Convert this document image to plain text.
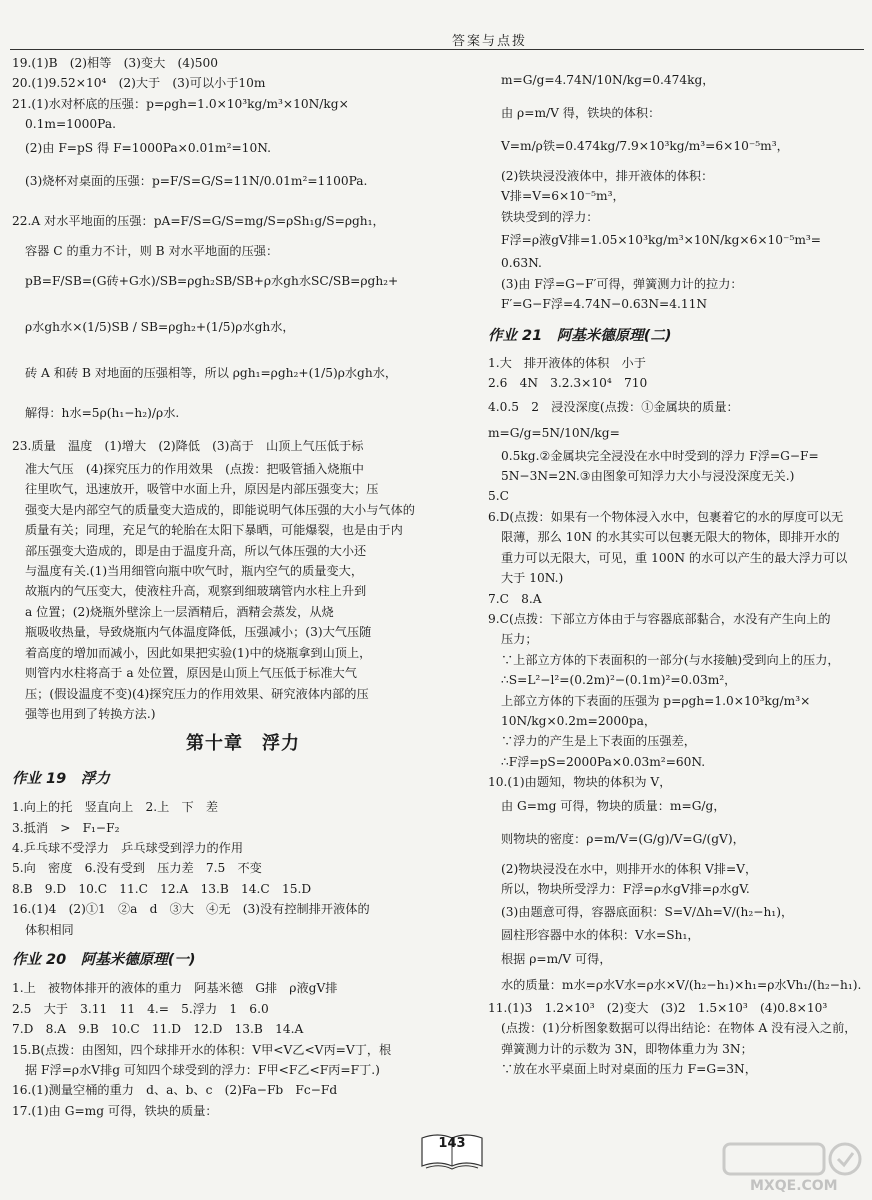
答案与点拨

19.(1)B　(2)相等　(3)变大　(4)500

20.(1)9.52×10⁴　(2)大于　(3)可以小于10m

21.(1)水对杯底的压强：p=ρgh=1.0×10³kg/m³×10N/kg×

0.1m=1000Pa.

(2)由 F=pS 得 F=1000Pa×0.01m²=10N.

(3)烧杯对桌面的压强：p=F/S=G/S=11N/0.01m²=1100Pa.

22.A 对水平地面的压强：pA=F/S=G/S=mg/S=ρSh₁g/S=ρgh₁，

容器 C 的重力不计，则 B 对水平地面的压强：

pB=F/SB=(G砖+G水)/SB=ρgh₂SB/SB+ρ水gh水SC/SB=ρgh₂+

ρ水gh水×(1/5)SB / SB=ρgh₂+(1/5)ρ水gh水，

砖 A 和砖 B 对地面的压强相等，所以 ρgh₁=ρgh₂+(1/5)ρ水gh水，

解得：h水=5ρ(h₁−h₂)/ρ水.

23.质量　温度　(1)增大　(2)降低　(3)高于　山顶上气压低于标

准大气压　(4)探究压力的作用效果　(点拨：把吸管插入烧瓶中

往里吹气，迅速放开，吸管中水面上升，原因是内部压强变大；压

强变大是内部空气的质量变大造成的，即能说明气体压强的大小与气体的

质量有关；同理，充足气的轮胎在太阳下暴晒，可能爆裂，也是由于内

部压强变大造成的，即是由于温度升高，所以气体压强的大小还

与温度有关.(1)当用细管向瓶中吹气时，瓶内空气的质量变大，

故瓶内的气压变大，使液柱升高，观察到细玻璃管内水柱上升到

a 位置；(2)烧瓶外壁涂上一层酒精后，酒精会蒸发，从烧

瓶吸收热量，导致烧瓶内气体温度降低，压强减小；(3)大气压随

着高度的增加而减小，因此如果把实验(1)中的烧瓶拿到山顶上，

则管内水柱将高于 a 处位置，原因是山顶上气压低于标准大气

压；(假设温度不变)(4)探究压力的作用效果、研究液体内部的压

强等也用到了转换方法.)

第十章　浮力

作业 19　浮力

1.向上的托　竖直向上　2.上　下　差

3.抵消　>　F₁−F₂

4.乒乓球不受浮力　乒乓球受到浮力的作用

5.向　密度　6.没有受到　压力差　7.5　不变

8.B　9.D　10.C　11.C　12.A　13.B　14.C　15.D

16.(1)4　(2)①1　②a　d　③大　④无　(3)没有控制排开液体的

体积相同

作业 20　阿基米德原理(一)

1.上　被物体排开的液体的重力　阿基米德　G排　ρ液gV排

2.5　大于　3.11　11　4.=　5.浮力　1　6.0

7.D　8.A　9.B　10.C　11.D　12.D　13.B　14.A

15.B(点拨：由图知，四个球排开水的体积：V甲<V乙<V丙=V丁，根

据 F浮=ρ水V排g 可知四个球受到的浮力：F甲<F乙<F丙=F丁.)

16.(1)测量空桶的重力　d、a、b、c　(2)Fa−Fb　Fc−Fd

17.(1)由 G=mg 可得，铁块的质量：

m=G/g=4.74N/10N/kg=0.474kg，

由 ρ=m/V 得，铁块的体积：

V=m/ρ铁=0.474kg/7.9×10³kg/m³=6×10⁻⁵m³，

(2)铁块浸没液体中，排开液体的体积：

V排=V=6×10⁻⁵m³，

铁块受到的浮力：

F浮=ρ液gV排=1.05×10³kg/m³×10N/kg×6×10⁻⁵m³=

0.63N.

(3)由 F浮=G−F′可得，弹簧测力计的拉力：

F′=G−F浮=4.74N−0.63N=4.11N

作业 21　阿基米德原理(二)

1.大　排开液体的体积　小于

2.6　4N　3.2.3×10⁴　710

4.0.5　2　浸没深度(点拨：①金属块的质量：m=G/g=5N/10N/kg=

0.5kg.②金属块完全浸没在水中时受到的浮力 F浮=G−F=

5N−3N=2N.③由图象可知浮力大小与浸没深度无关.)

5.C

6.D(点拨：如果有一个物体浸入水中，包裹着它的水的厚度可以无

限薄，那么 10N 的水其实可以包裹无限大的物体，即排开水的

重力可以无限大，可见，重 100N 的水可以产生的最大浮力可以

大于 10N.)

7.C　8.A

9.C(点拨：下部立方体由于与容器底部黏合，水没有产生向上的

压力；

∵上部立方体的下表面积的一部分(与水接触)受到向上的压力，

∴S=L²−l²=(0.2m)²−(0.1m)²=0.03m²，

上部立方体的下表面的压强为 p=ρgh=1.0×10³kg/m³×

10N/kg×0.2m=2000pa，

∵浮力的产生是上下表面的压强差，

∴F浮=pS=2000Pa×0.03m²=60N.

10.(1)由题知，物块的体积为 V，

由 G=mg 可得，物块的质量：m=G/g，

则物块的密度：ρ=m/V=(G/g)/V=G/(gV)，

(2)物块浸没在水中，则排开水的体积 V排=V，

所以，物块所受浮力：F浮=ρ水gV排=ρ水gV.

(3)由题意可得，容器底面积：S=V/Δh=V/(h₂−h₁)，

圆柱形容器中水的体积：V水=Sh₁，

根据 ρ=m/V 可得，

水的质量：m水=ρ水V水=ρ水×V/(h₂−h₁)×h₁=ρ水Vh₁/(h₂−h₁).

11.(1)3　1.2×10³　(2)变大　(3)2　1.5×10³　(4)0.8×10³

(点拨：(1)分析图象数据可以得出结论：在物体 A 没有浸入之前，

弹簧测力计的示数为 3N，即物体重力为 3N；

∵放在水平桌面上时对桌面的压力 F=G=3N，

143
MXQE.COM
